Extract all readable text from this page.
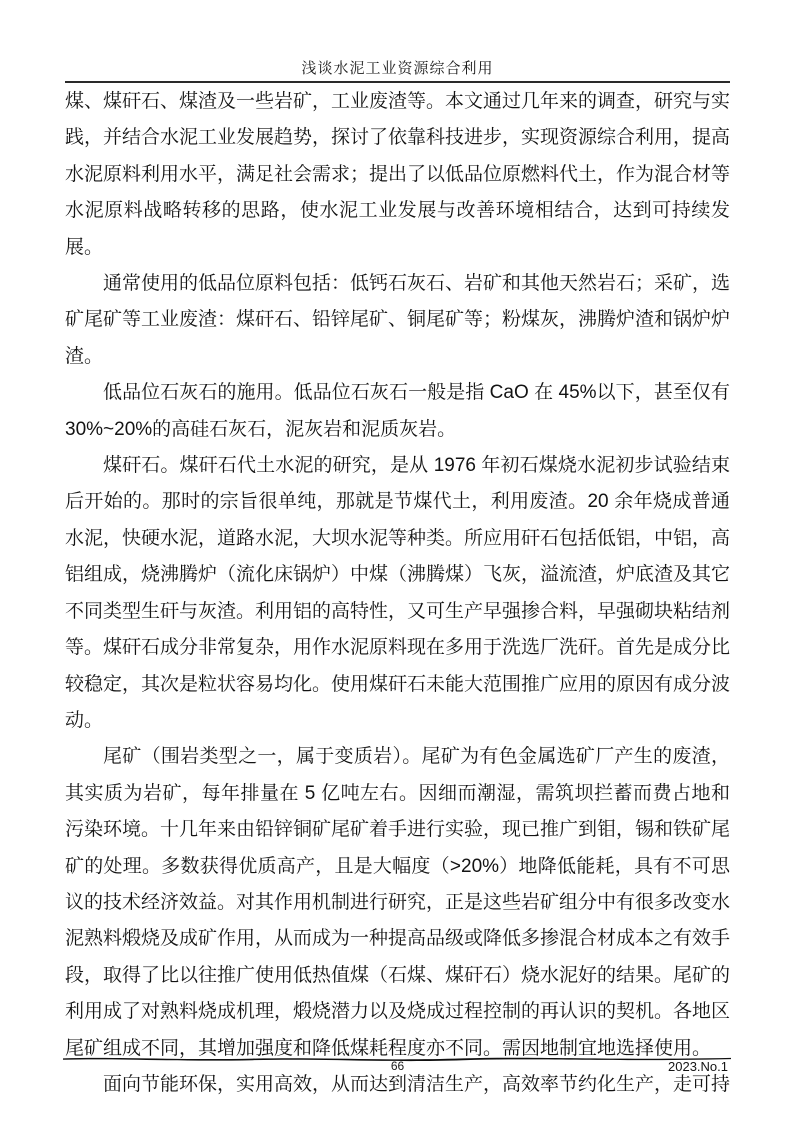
浅谈水泥工业资源综合利用

煤、煤矸石、煤渣及一些岩矿，工业废渣等。本文通过几年来的调查，研究与实践，并结合水泥工业发展趋势，探讨了依靠科技进步，实现资源综合利用，提高水泥原料利用水平，满足社会需求；提出了以低品位原燃料代土，作为混合材等水泥原料战略转移的思路，使水泥工业发展与改善环境相结合，达到可持续发展。

通常使用的低品位原料包括：低钙石灰石、岩矿和其他天然岩石；采矿，选矿尾矿等工业废渣：煤矸石、铅锌尾矿、铜尾矿等；粉煤灰，沸腾炉渣和锅炉炉渣。

低品位石灰石的施用。低品位石灰石一般是指 CaO 在 45%以下，甚至仅有30%~20%的高硅石灰石，泥灰岩和泥质灰岩。

煤矸石。煤矸石代土水泥的研究，是从 1976 年初石煤烧水泥初步试验结束后开始的。那时的宗旨很单纯，那就是节煤代土，利用废渣。20 余年烧成普通水泥，快硬水泥，道路水泥，大坝水泥等种类。所应用矸石包括低铝，中铝，高铝组成，烧沸腾炉（流化床锅炉）中煤（沸腾煤）飞灰，溢流渣，炉底渣及其它不同类型生矸与灰渣。利用铝的高特性，又可生产早强掺合料，早强砌块粘结剂等。煤矸石成分非常复杂，用作水泥原料现在多用于洗选厂洗矸。首先是成分比较稳定，其次是粒状容易均化。使用煤矸石未能大范围推广应用的原因有成分波动。

尾矿（围岩类型之一，属于变质岩）。尾矿为有色金属选矿厂产生的废渣，其实质为岩矿，每年排量在 5 亿吨左右。因细而潮湿，需筑坝拦蓄而费占地和污染环境。十几年来由铅锌铜矿尾矿着手进行实验，现已推广到钼，锡和铁矿尾矿的处理。多数获得优质高产，且是大幅度（>20%）地降低能耗，具有不可思议的技术经济效益。对其作用机制进行研究，正是这些岩矿组分中有很多改变水泥熟料煅烧及成矿作用，从而成为一种提高品级或降低多掺混合材成本之有效手段，取得了比以往推广使用低热值煤（石煤、煤矸石）烧水泥好的结果。尾矿的利用成了对熟料烧成机理，煅烧潜力以及烧成过程控制的再认识的契机。各地区尾矿组成不同，其增加强度和降低煤耗程度亦不同。需因地制宜地选择使用。

面向节能环保，实用高效，从而达到清洁生产，高效率节约化生产，走可持

66	2023.No.1
